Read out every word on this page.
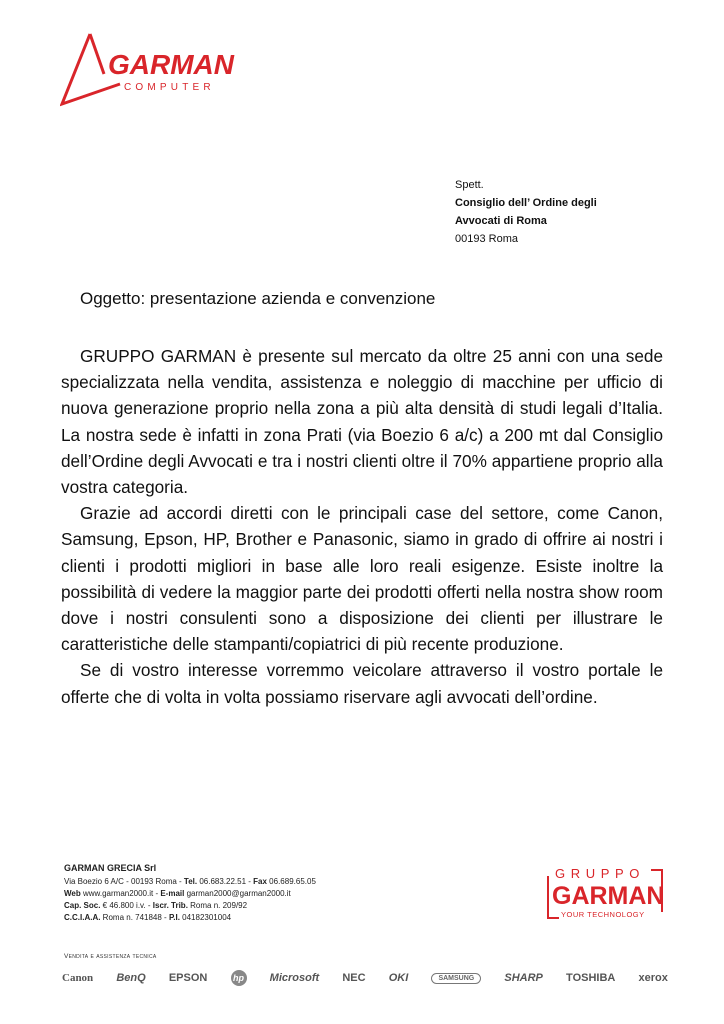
GARMAN
COMPUTER
Spett.
Consiglio dell’ Ordine degli
Avvocati di Roma
00193 Roma
Oggetto: presentazione azienda e convenzione

GRUPPO GARMAN è presente sul mercato da oltre 25 anni con una sede specializzata nella vendita, assistenza e noleggio di macchine per ufficio di nuova generazione proprio nella zona a più alta densità di studi legali d’Italia. La nostra sede è infatti in zona Prati (via Boezio 6 a/c) a 200 mt dal Consiglio dell’Ordine degli Avvocati e tra i nostri clienti oltre il 70% appartiene proprio alla vostra categoria.

Grazie ad accordi diretti con le principali case del settore, come Canon, Samsung, Epson, HP, Brother e Panasonic, siamo in grado di offrire ai nostri i clienti i prodotti migliori in base alle loro reali esigenze. Esiste inoltre la possibilità di vedere la maggior parte dei prodotti offerti nella nostra show room dove i nostri consulenti sono a disposizione dei clienti per illustrare le caratteristiche delle stampanti/copiatrici di più recente produzione.

Se di vostro interesse vorremmo veicolare attraverso il vostro portale le offerte che di volta in volta possiamo riservare agli avvocati dell’ordine.

GARMAN GRECIA Srl
Via Boezio 6 A/C - 00193 Roma - Tel. 06.683.22.51 - Fax 06.689.65.05
Web www.garman2000.it - E-mail garman2000@garman2000.it
Cap. Soc. € 46.800 i.v. - Iscr. Trib. Roma n. 209/92
C.C.I.A.A. Roma n. 741848 - P.I. 04182301004
GRUPPO
GARMAN
YOUR TECHNOLOGY
Vendita e assistenza tecnica
Canon BenQ EPSON	hp Microsoft NEC OKI	SAMSUNG	SHARP TOSHIBA xerox
